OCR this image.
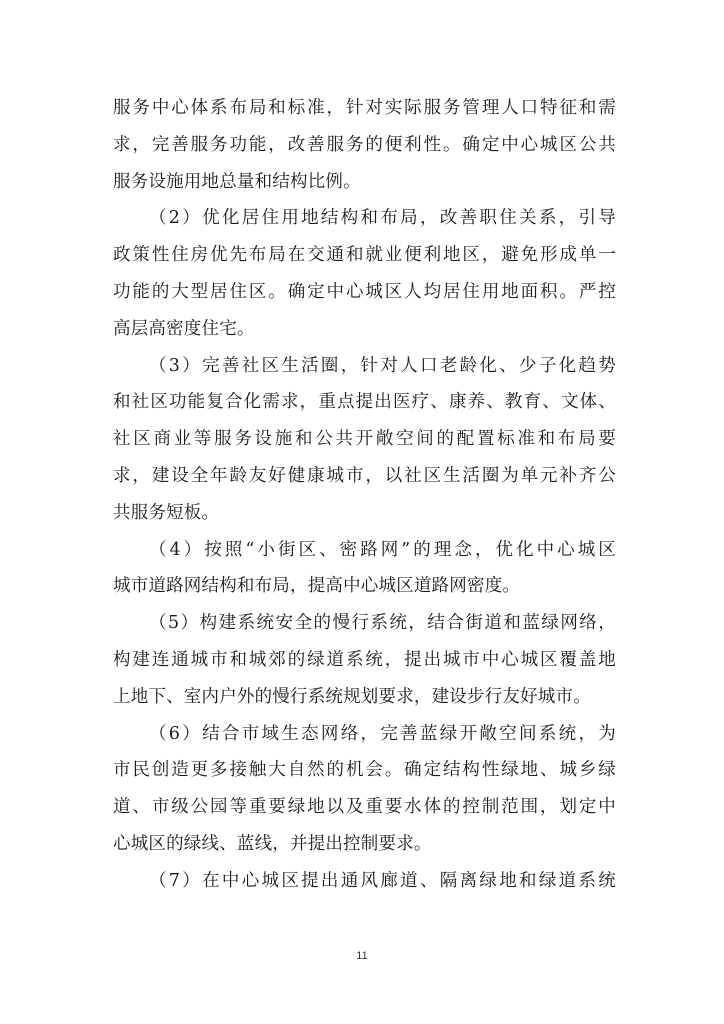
服务中心体系布局和标准，针对实际服务管理人口特征和需
求，完善服务功能，改善服务的便利性。确定中心城区公共
服务设施用地总量和结构比例。

（2）优化居住用地结构和布局，改善职住关系，引导
政策性住房优先布局在交通和就业便利地区，避免形成单一
功能的大型居住区。确定中心城区人均居住用地面积。严控
高层高密度住宅。

（3）完善社区生活圈，针对人口老龄化、少子化趋势
和社区功能复合化需求，重点提出医疗、康养、教育、文体、
社区商业等服务设施和公共开敞空间的配置标准和布局要
求，建设全年龄友好健康城市，以社区生活圈为单元补齐公
共服务短板。

（4）按照“小街区、密路网”的理念，优化中心城区
城市道路网结构和布局，提高中心城区道路网密度。

（5）构建系统安全的慢行系统，结合街道和蓝绿网络，
构建连通城市和城郊的绿道系统，提出城市中心城区覆盖地
上地下、室内户外的慢行系统规划要求，建设步行友好城市。

（6）结合市域生态网络，完善蓝绿开敞空间系统，为
市民创造更多接触大自然的机会。确定结构性绿地、城乡绿
道、市级公园等重要绿地以及重要水体的控制范围，划定中
心城区的绿线、蓝线，并提出控制要求。

（7）在中心城区提出通风廊道、隔离绿地和绿道系统

11
